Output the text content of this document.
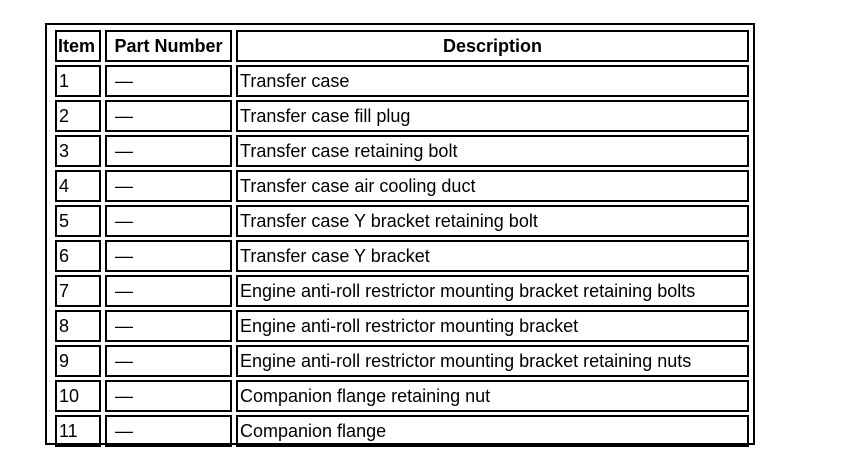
Item	Part Number	Description
1	—	Transfer case
2	—	Transfer case fill plug
3	—	Transfer case retaining bolt
4	—	Transfer case air cooling duct
5	—	Transfer case Y bracket retaining bolt
6	—	Transfer case Y bracket
7	—	Engine anti-roll restrictor mounting bracket retaining bolts
8	—	Engine anti-roll restrictor mounting bracket
9	—	Engine anti-roll restrictor mounting bracket retaining nuts
10	—	Companion flange retaining nut
11	—	Companion flange
